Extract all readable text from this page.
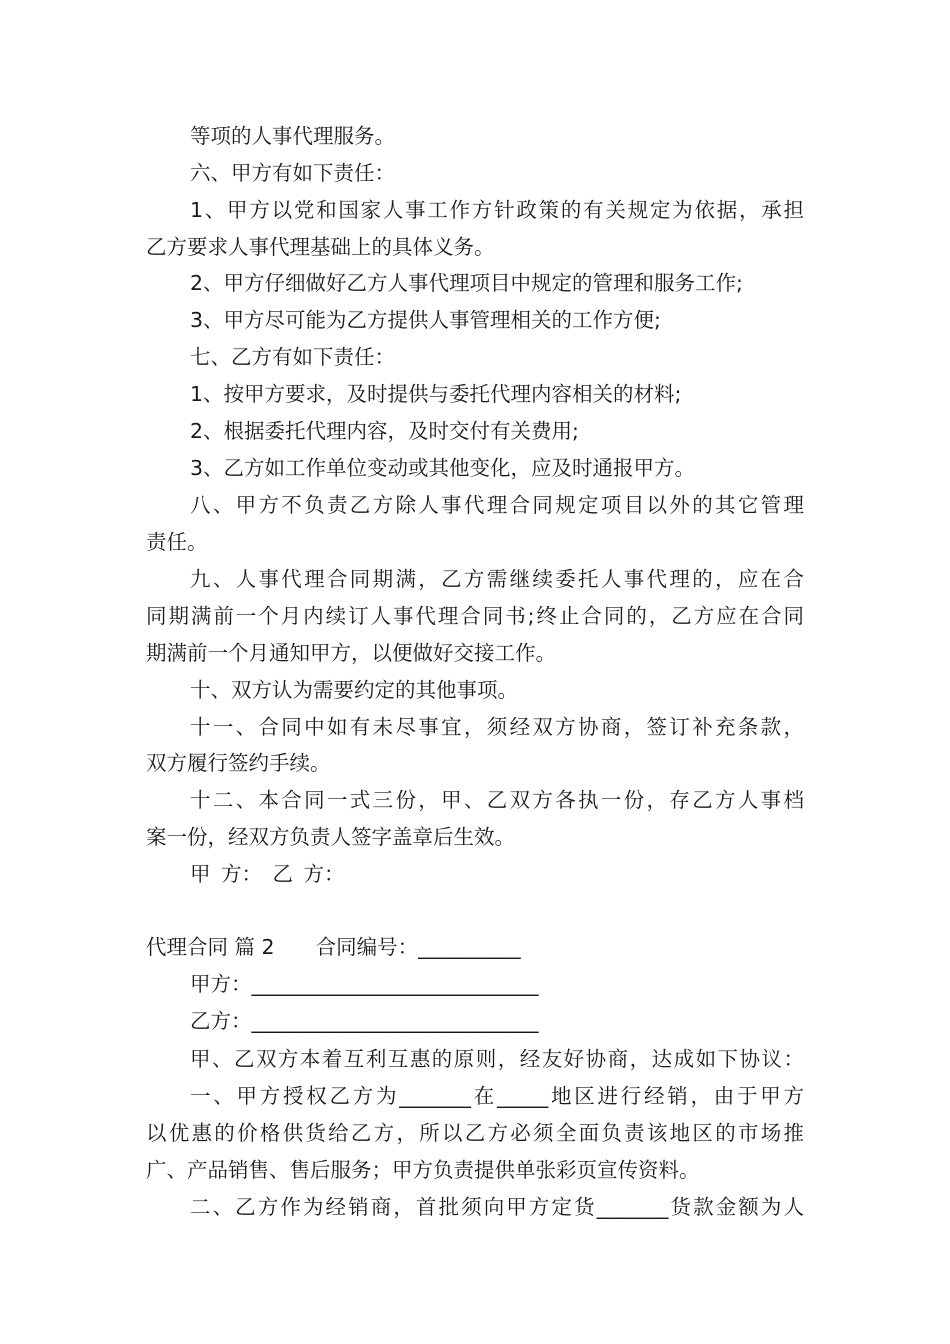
等项的人事代理服务。
六、甲方有如下责任：
1、甲方以党和国家人事工作方针政策的有关规定为依据，承担
乙方要求人事代理基础上的具体义务。
2、甲方仔细做好乙方人事代理项目中规定的管理和服务工作;
3、甲方尽可能为乙方提供人事管理相关的工作方便;
七、乙方有如下责任：
1、按甲方要求，及时提供与委托代理内容相关的材料;
2、根据委托代理内容，及时交付有关费用;
3、乙方如工作单位变动或其他变化，应及时通报甲方。
八、甲方不负责乙方除人事代理合同规定项目以外的其它管理
责任。
九、人事代理合同期满，乙方需继续委托人事代理的，应在合
同期满前一个月内续订人事代理合同书;终止合同的，乙方应在合同
期满前一个月通知甲方，以便做好交接工作。
十、双方认为需要约定的其他事项。
十一、合同中如有未尽事宜，须经双方协商，签订补充条款，
双方履行签约手续。
十二、本合同一式三份，甲、乙双方各执一份，存乙方人事档
案一份，经双方负责人签字盖章后生效。
甲 方： 乙 方：
代理合同 篇 2　　合同编号：__________
甲方：____________________________
乙方：____________________________
甲、乙双方本着互利互惠的原则，经友好协商，达成如下协议：
一、甲方授权乙方为_______在_____地区进行经销，由于甲方
以优惠的价格供货给乙方，所以乙方必须全面负责该地区的市场推
广、产品销售、售后服务；甲方负责提供单张彩页宣传资料。
二、乙方作为经销商，首批须向甲方定货_______货款金额为人
